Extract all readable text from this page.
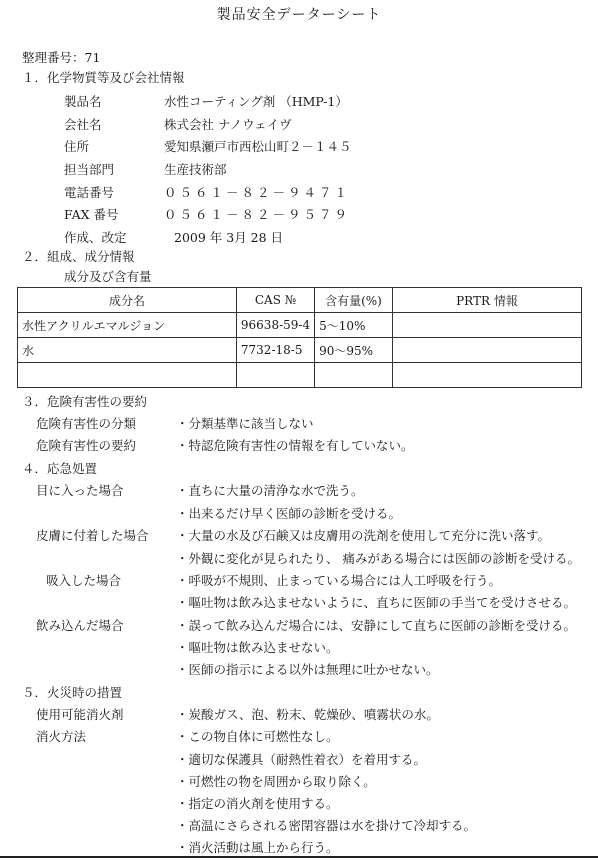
製品安全データーシート
整理番号：71
１．化学物質等及び会社情報
製品名	水性コーティング剤 （HMP-1）
会社名	株式会社 ナノウェイヴ
住所	愛知県瀬戸市西松山町２－１４５
担当部門	生産技術部
電話番号	０５６１－８２－９４７１
FAX 番号	０５６１－８２－９５７９
作成、改定	2009 年 3月 28 日
２．組成、成分情報
成分及び含有量
成分名	CAS №	含有量(%)	PRTR 情報
水性アクリルエマルジョン	96638-59-4	5～10%	
水	7732-18-5	90～95%	

３．危険有害性の要約
危険有害性の分類	・分類基準に該当しない
危険有害性の要約	・特認危険有害性の情報を有していない。
４．応急処置
目に入った場合	・直ちに大量の清浄な水で洗う。
・出来るだけ早く医師の診断を受ける。
皮膚に付着した場合 ・大量の水及び石鹸又は皮膚用の洗剤を使用して充分に洗い落す。
・外観に変化が見られたり、 痛みがある場合には医師の診断を受ける。
吸入した場合	・呼吸が不規則、止まっている場合には人工呼吸を行う。
・嘔吐物は飲み込ませないように、直ちに医師の手当てを受けさせる。
飲み込んだ場合	・誤って飲み込んだ場合には、安静にして直ちに医師の診断を受ける。
・嘔吐物は飲み込ませない。
・医師の指示による以外は無理に吐かせない。
５．火災時の措置
使用可能消火剤	・炭酸ガス、泡、粉末、乾燥砂、噴霧状の水。
消火方法	・この物自体に可燃性なし。
・適切な保護具（耐熱性着衣）を着用する。
・可燃性の物を周囲から取り除く。
・指定の消火剤を使用する。
・高温にさらされる密閉容器は水を掛けて冷却する。
・消火活動は風上から行う。
